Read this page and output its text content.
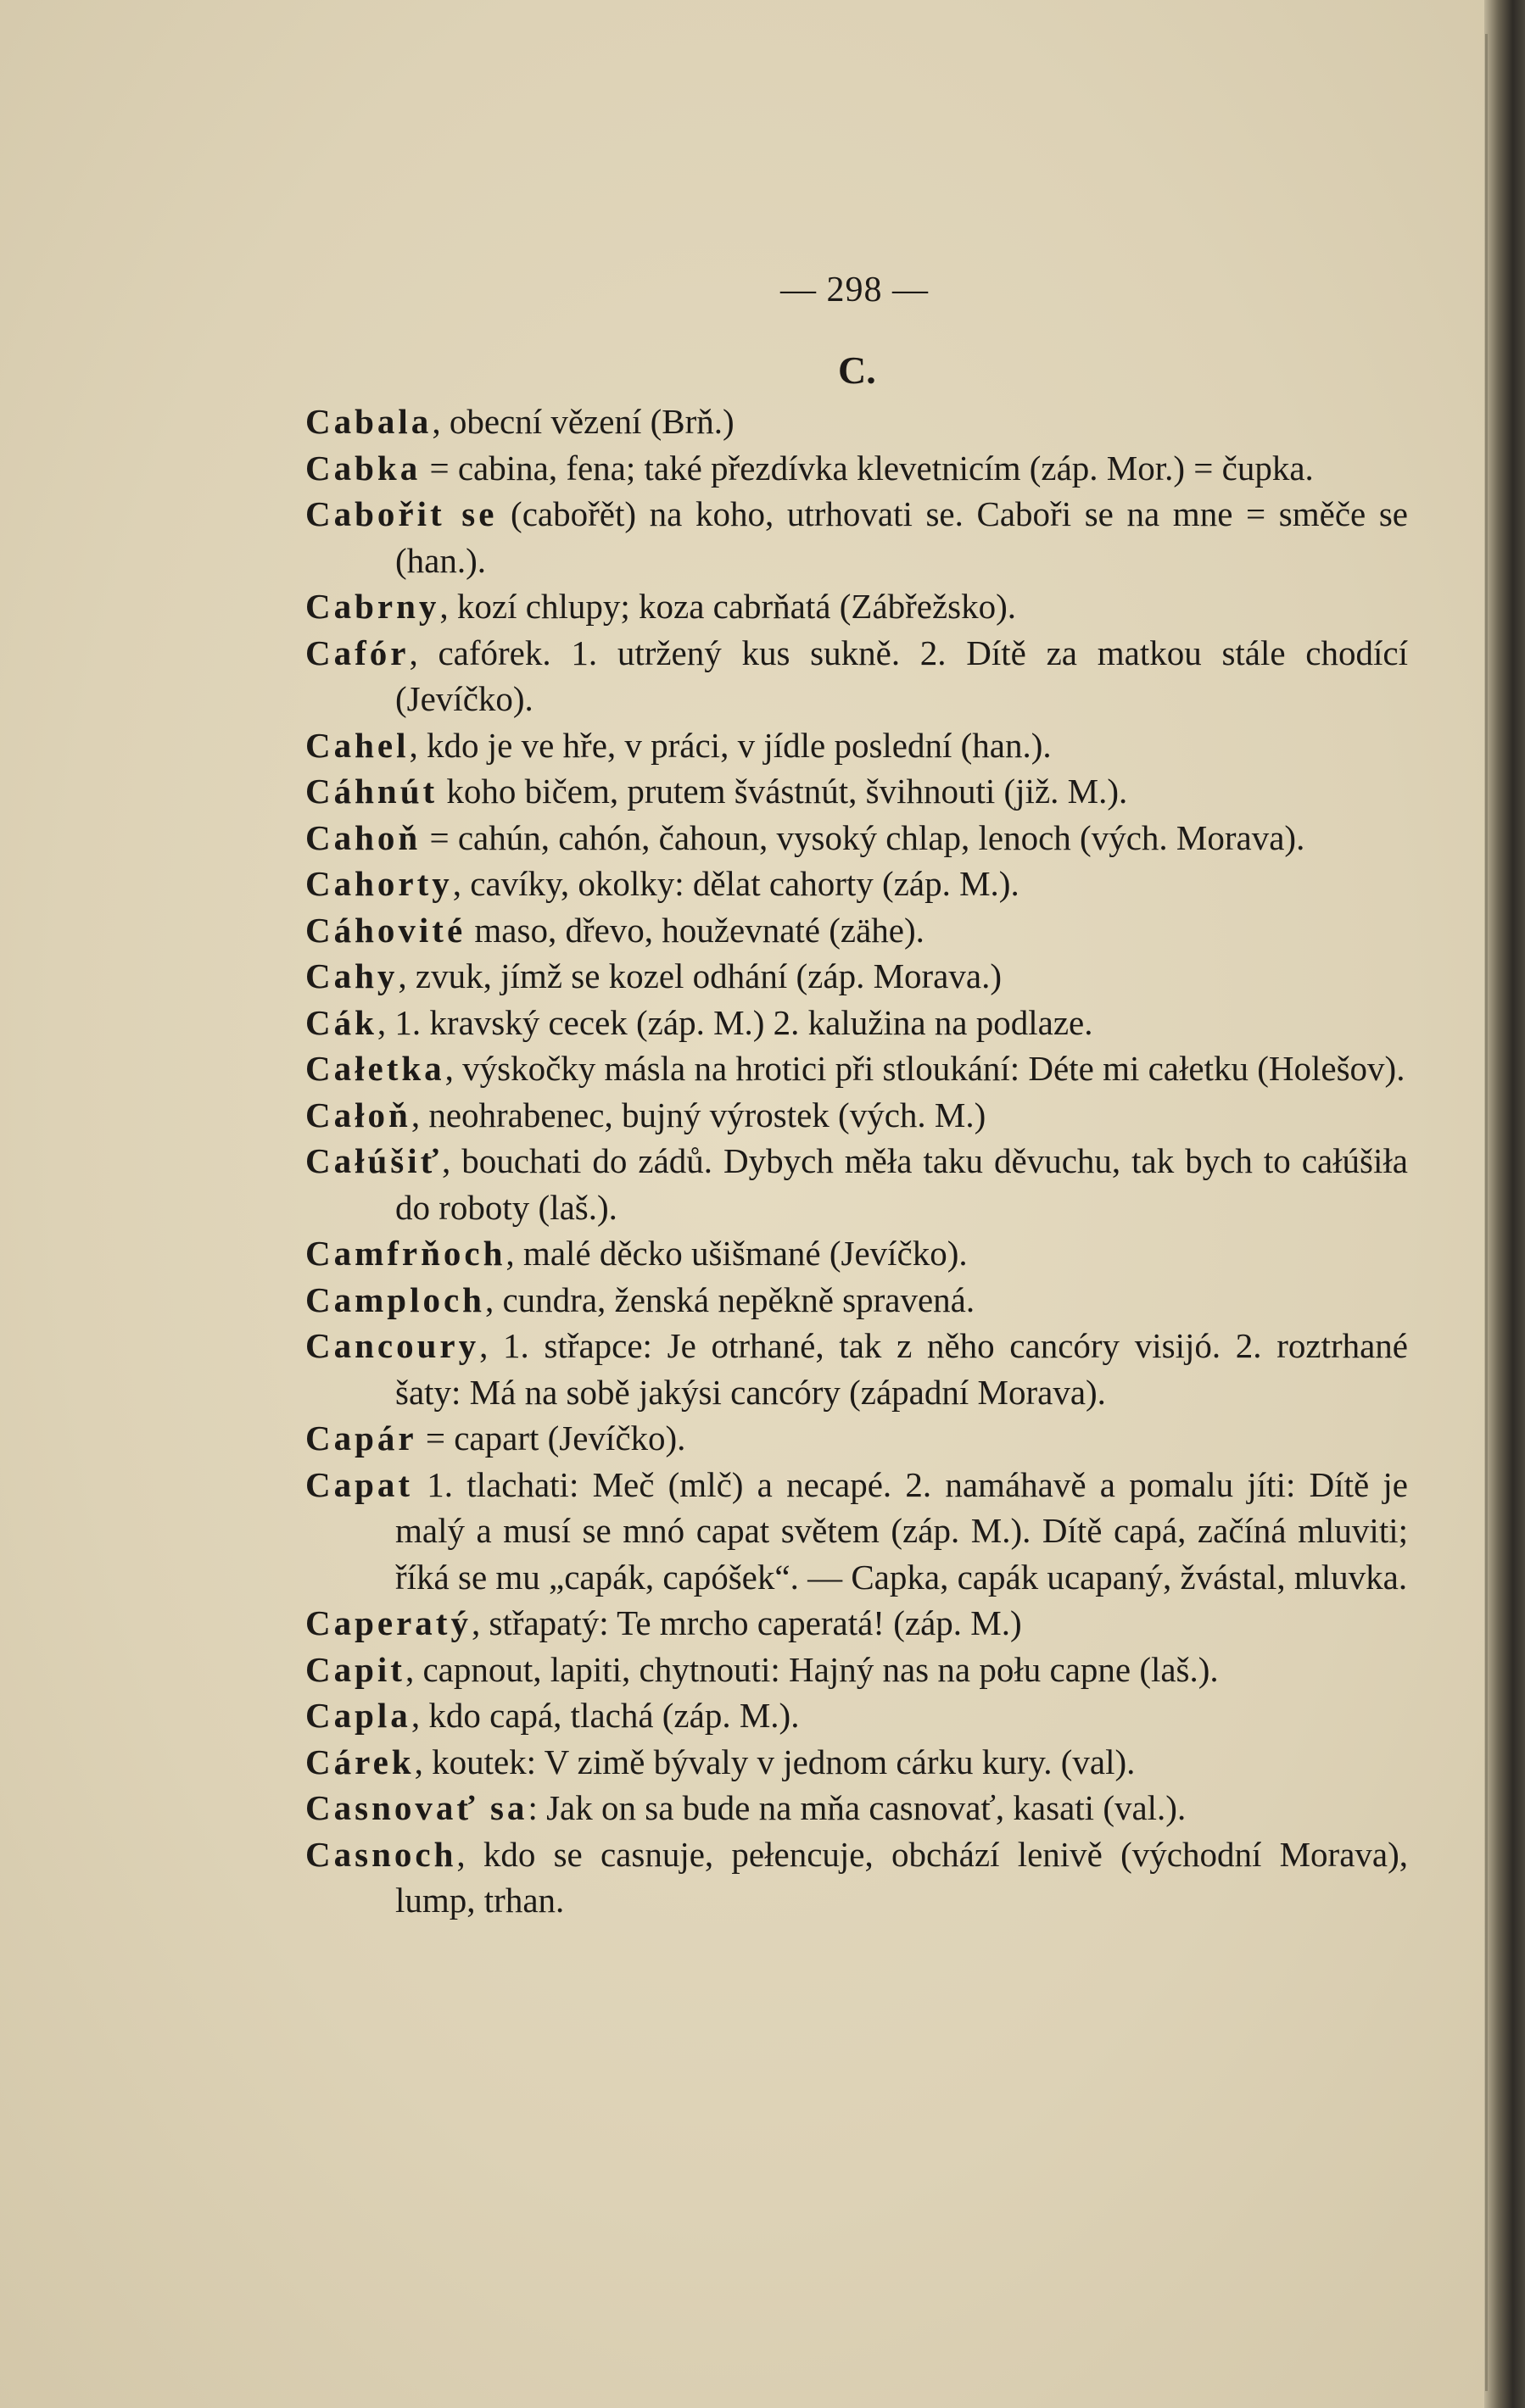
— 298 —
C.
Cabala, obecní vězení (Brň.)
Cabka = cabina, fena; také přezdívka klevetnicím (záp. Mor.) = čupka.
Cabořit se (cabořět) na koho, utrhovati se. Caboři se na mne = směče se (han.).
Cabrny, kozí chlupy; koza cabrňatá (Zábřežsko).
Cafór, cafórek. 1. utržený kus sukně. 2. Dítě za matkou stále chodící (Jevíčko).
Cahel, kdo je ve hře, v práci, v jídle poslední (han.).
Cáhnút koho bičem, prutem švástnút, švihnouti (již. M.).
Cahoň = cahún, cahón, čahoun, vysoký chlap, lenoch (vých. Morava).
Cahorty, cavíky, okolky: dělat cahorty (záp. M.).
Cáhovité maso, dřevo, houževnaté (zähe).
Cahy, zvuk, jímž se kozel odhání (záp. Morava.)
Cák, 1. kravský cecek (záp. M.) 2. kalužina na podlaze.
Całetka, výskočky másla na hrotici při stloukání: Déte mi całetku (Holešov).
Całoň, neohrabenec, bujný výrostek (vých. M.)
Całúšiť, bouchati do zádů. Dybych měła taku děvuchu, tak bych to całúšiła do roboty (laš.).
Camfrňoch, malé děcko ušišmané (Jevíčko).
Camploch, cundra, ženská nepěkně spravená.
Cancoury, 1. střapce: Je otrhané, tak z něho cancóry visijó. 2. roztrhané šaty: Má na sobě jakýsi cancóry (západní Morava).
Capár = capart (Jevíčko).
Capat 1. tlachati: Meč (mlč) a necapé. 2. namáhavě a pomalu jíti: Dítě je malý a musí se mnó capat světem (záp. M.). Dítě capá, začíná mluviti; říká se mu „capák, capóšek“. — Capka, capák ucapaný, žvástal, mluvka.
Caperatý, střapatý: Te mrcho caperatá! (záp. M.)
Capit, capnout, lapiti, chytnouti: Hajný nas na połu capne (laš.).
Capla, kdo capá, tlachá (záp. M.).
Cárek, koutek: V zimě bývaly v jednom cárku kury. (val).
Casnovať sa: Jak on sa bude na mňa casnovať, kasati (val.).
Casnoch, kdo se casnuje, pełencuje, obchází lenivě (východní Morava), lump, trhan.
